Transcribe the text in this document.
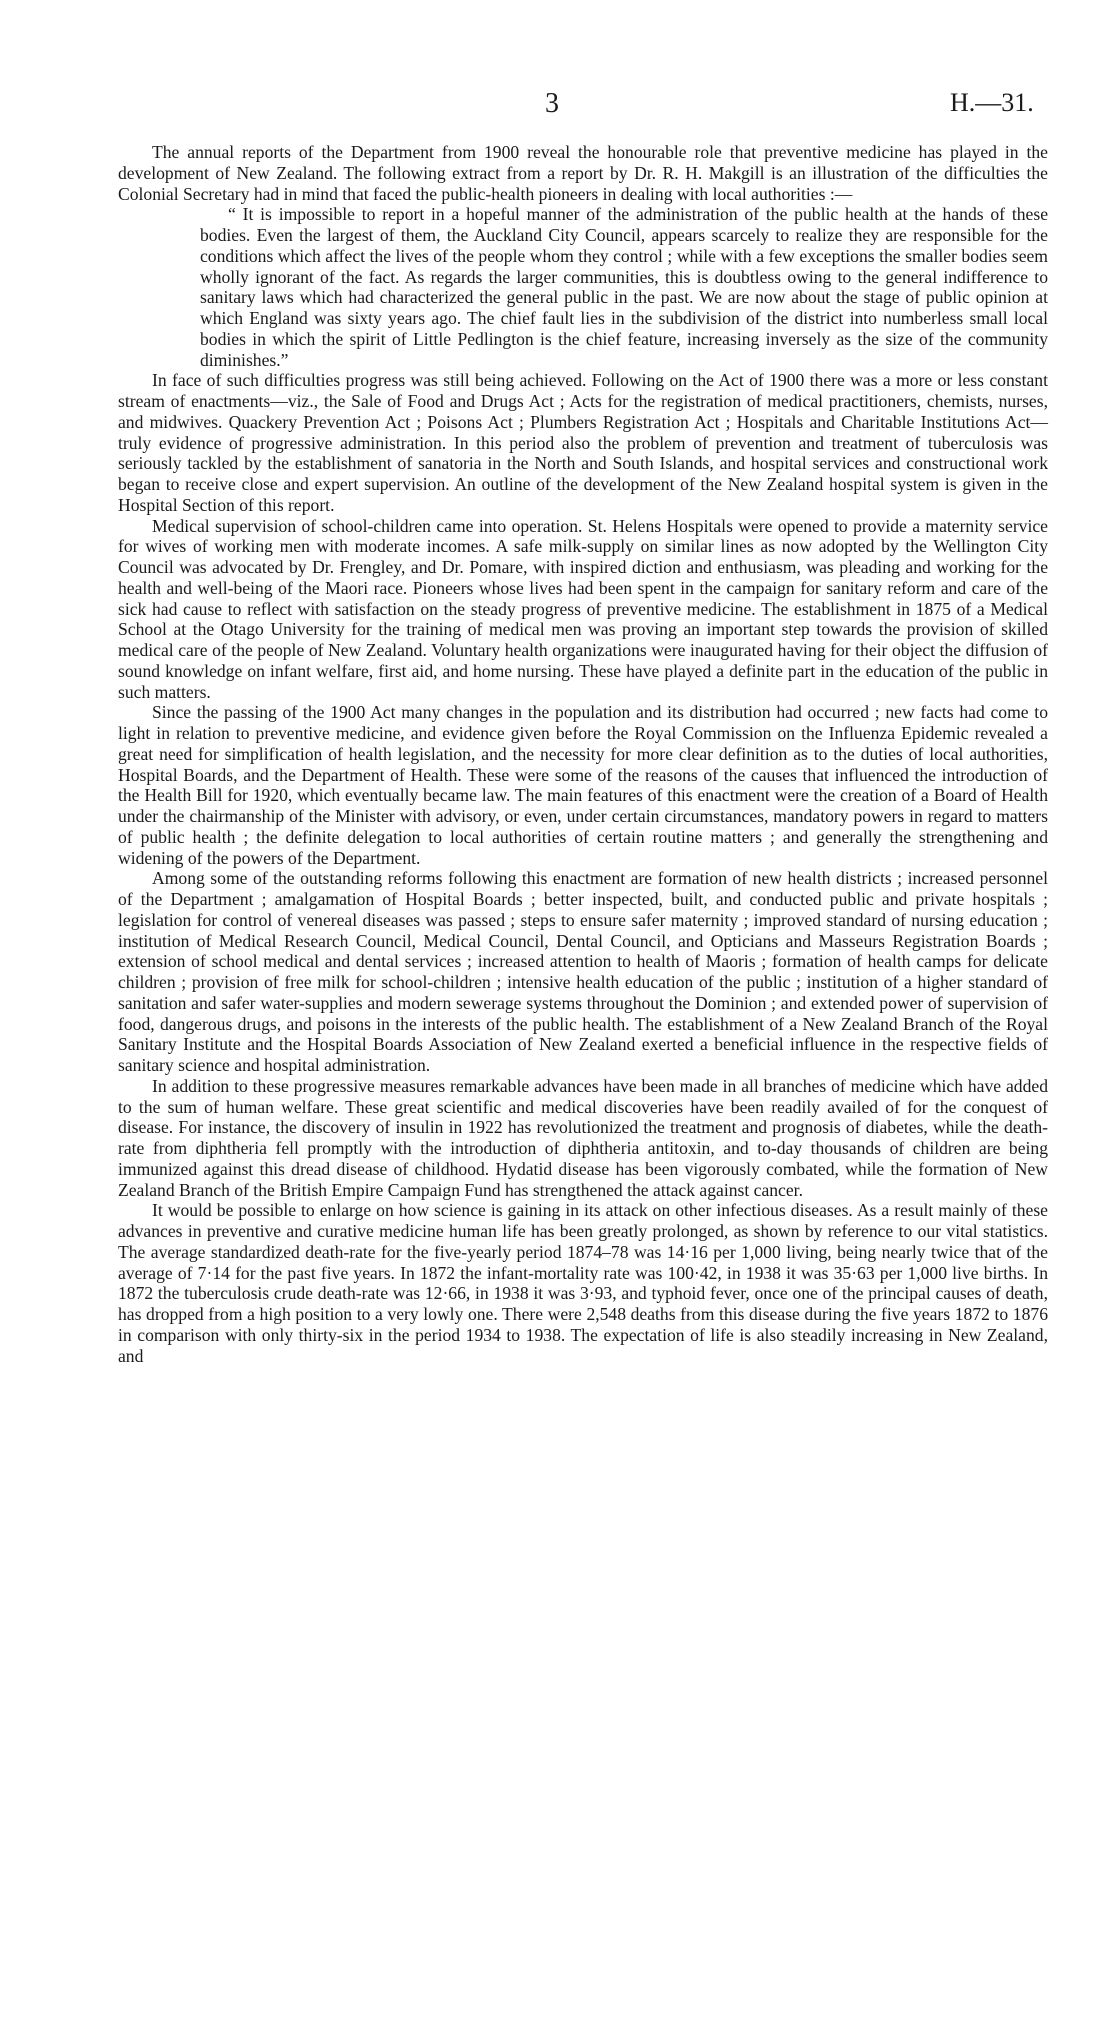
3	H.—31.

The annual reports of the Department from 1900 reveal the honourable role that preventive medicine has played in the development of New Zealand. The following extract from a report by Dr. R. H. Makgill is an illustration of the difficulties the Colonial Secretary had in mind that faced the public-health pioneers in dealing with local authorities :—

“ It is impossible to report in a hopeful manner of the administration of the public health at the hands of these bodies. Even the largest of them, the Auckland City Council, appears scarcely to realize they are responsible for the conditions which affect the lives of the people whom they control ; while with a few exceptions the smaller bodies seem wholly ignorant of the fact. As regards the larger communities, this is doubtless owing to the general indifference to sanitary laws which had characterized the general public in the past. We are now about the stage of public opinion at which England was sixty years ago. The chief fault lies in the subdivision of the district into numberless small local bodies in which the spirit of Little Pedlington is the chief feature, increasing inversely as the size of the community diminishes.”

In face of such difficulties progress was still being achieved. Following on the Act of 1900 there was a more or less constant stream of enactments—viz., the Sale of Food and Drugs Act ; Acts for the registration of medical practitioners, chemists, nurses, and midwives. Quackery Prevention Act ; Poisons Act ; Plumbers Registration Act ; Hospitals and Charitable Institutions Act—truly evidence of progressive administration. In this period also the problem of prevention and treatment of tuberculosis was seriously tackled by the establishment of sanatoria in the North and South Islands, and hospital services and constructional work began to receive close and expert supervision. An outline of the development of the New Zealand hospital system is given in the Hospital Section of this report.

Medical supervision of school-children came into operation. St. Helens Hospitals were opened to provide a maternity service for wives of working men with moderate incomes. A safe milk-supply on similar lines as now adopted by the Wellington City Council was advocated by Dr. Frengley, and Dr. Pomare, with inspired diction and enthusiasm, was pleading and working for the health and well-being of the Maori race. Pioneers whose lives had been spent in the campaign for sanitary reform and care of the sick had cause to reflect with satisfaction on the steady progress of preventive medicine. The establishment in 1875 of a Medical School at the Otago University for the training of medical men was proving an important step towards the provision of skilled medical care of the people of New Zealand. Voluntary health organizations were inaugurated having for their object the diffusion of sound knowledge on infant welfare, first aid, and home nursing. These have played a definite part in the education of the public in such matters.

Since the passing of the 1900 Act many changes in the population and its distribution had occurred ; new facts had come to light in relation to preventive medicine, and evidence given before the Royal Commission on the Influenza Epidemic revealed a great need for simplification of health legislation, and the necessity for more clear definition as to the duties of local authorities, Hospital Boards, and the Department of Health. These were some of the reasons of the causes that influenced the introduction of the Health Bill for 1920, which eventually became law. The main features of this enactment were the creation of a Board of Health under the chairmanship of the Minister with advisory, or even, under certain circumstances, mandatory powers in regard to matters of public health ; the definite delegation to local authorities of certain routine matters ; and generally the strengthening and widening of the powers of the Department.

Among some of the outstanding reforms following this enactment are formation of new health districts ; increased personnel of the Department ; amalgamation of Hospital Boards ; better inspected, built, and conducted public and private hospitals ; legislation for control of venereal diseases was passed ; steps to ensure safer maternity ; improved standard of nursing education ; institution of Medical Research Council, Medical Council, Dental Council, and Opticians and Masseurs Registration Boards ; extension of school medical and dental services ; increased attention to health of Maoris ; formation of health camps for delicate children ; provision of free milk for school-children ; intensive health education of the public ; institution of a higher standard of sanitation and safer water-supplies and modern sewerage systems throughout the Dominion ; and extended power of supervision of food, dangerous drugs, and poisons in the interests of the public health. The establishment of a New Zealand Branch of the Royal Sanitary Institute and the Hospital Boards Association of New Zealand exerted a beneficial influence in the respective fields of sanitary science and hospital administration.

In addition to these progressive measures remarkable advances have been made in all branches of medicine which have added to the sum of human welfare. These great scientific and medical discoveries have been readily availed of for the conquest of disease. For instance, the discovery of insulin in 1922 has revolutionized the treatment and prognosis of diabetes, while the death-rate from diphtheria fell promptly with the introduction of diphtheria antitoxin, and to-day thousands of children are being immunized against this dread disease of childhood. Hydatid disease has been vigorously combated, while the formation of New Zealand Branch of the British Empire Campaign Fund has strengthened the attack against cancer.

It would be possible to enlarge on how science is gaining in its attack on other infectious diseases. As a result mainly of these advances in preventive and curative medicine human life has been greatly prolonged, as shown by reference to our vital statistics. The average standardized death-rate for the five-yearly period 1874–78 was 14·16 per 1,000 living, being nearly twice that of the average of 7·14 for the past five years. In 1872 the infant-mortality rate was 100·42, in 1938 it was 35·63 per 1,000 live births. In 1872 the tuberculosis crude death-rate was 12·66, in 1938 it was 3·93, and typhoid fever, once one of the principal causes of death, has dropped from a high position to a very lowly one. There were 2,548 deaths from this disease during the five years 1872 to 1876 in comparison with only thirty-six in the period 1934 to 1938. The expectation of life is also steadily increasing in New Zealand, and
